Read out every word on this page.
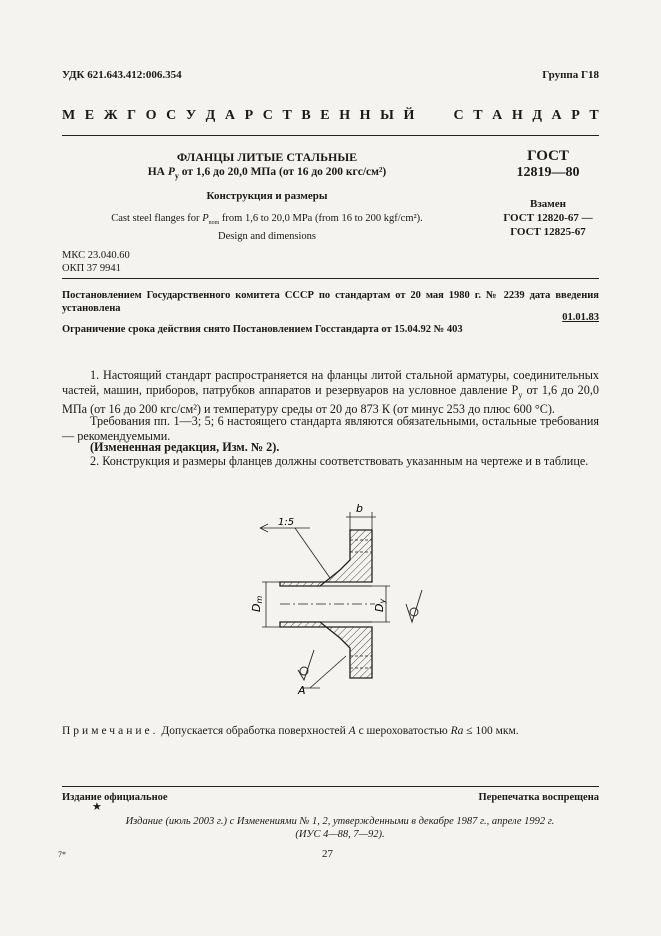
УДК 621.643.412:006.354	Группа Г18
М Е Ж Г О С У Д А Р С Т В Е Н Н Ы Й	С Т А Н Д А Р Т
ФЛАНЦЫ ЛИТЫЕ СТАЛЬНЫЕ
НА $P_y$ от 1,6 до 20,0 МПа (от 16 до 200 кгс/см²)
Конструкция и размеры
Cast steel flanges for $P_{nom}$ from 1,6 to 20,0 MPa (from 16 to 200 kgf/cm²).
Design and dimensions
ГОСТ
12819—80
Взамен
ГОСТ 12820-67 —
ГОСТ 12825-67
МКС 23.040.60
ОКП 37 9941
Постановлением Государственного комитета СССР по стандартам от 20 мая 1980 г. № 2239 дата введения установлена
01.01.83
Ограничение срока действия снято Постановлением Госстандарта от 15.04.92 № 403
1. Настоящий стандарт распространяется на фланцы литой стальной арматуры, соединительных частей, машин, приборов, патрубков аппаратов и резервуаров на условное давление $P_y$ от 1,6 до 20,0 МПа (от 16 до 200 кгс/см²) и температуру среды от 20 до 873 К (от минус 253 до плюс 600 °С).
Требования пп. 1—3; 5; 6 настоящего стандарта являются обязательными, остальные требования — рекомендуемыми.
(Измененная редакция, Изм. № 2).
2. Конструкция и размеры фланцев должны соответствовать указанным на чертеже и в таблице.
b
1:5
Dm
Dy
A
Примечание. Допускается обработка поверхностей A с шероховатостью Ra ≤ 100 мкм.
Издание официальное	Перепечатка воспрещена
★
Издание (июль 2003 г.) с Изменениями № 1, 2, утвержденными в декабре 1987 г., апреле 1992 г.
(ИУС 4—88, 7—92).
7*	27
